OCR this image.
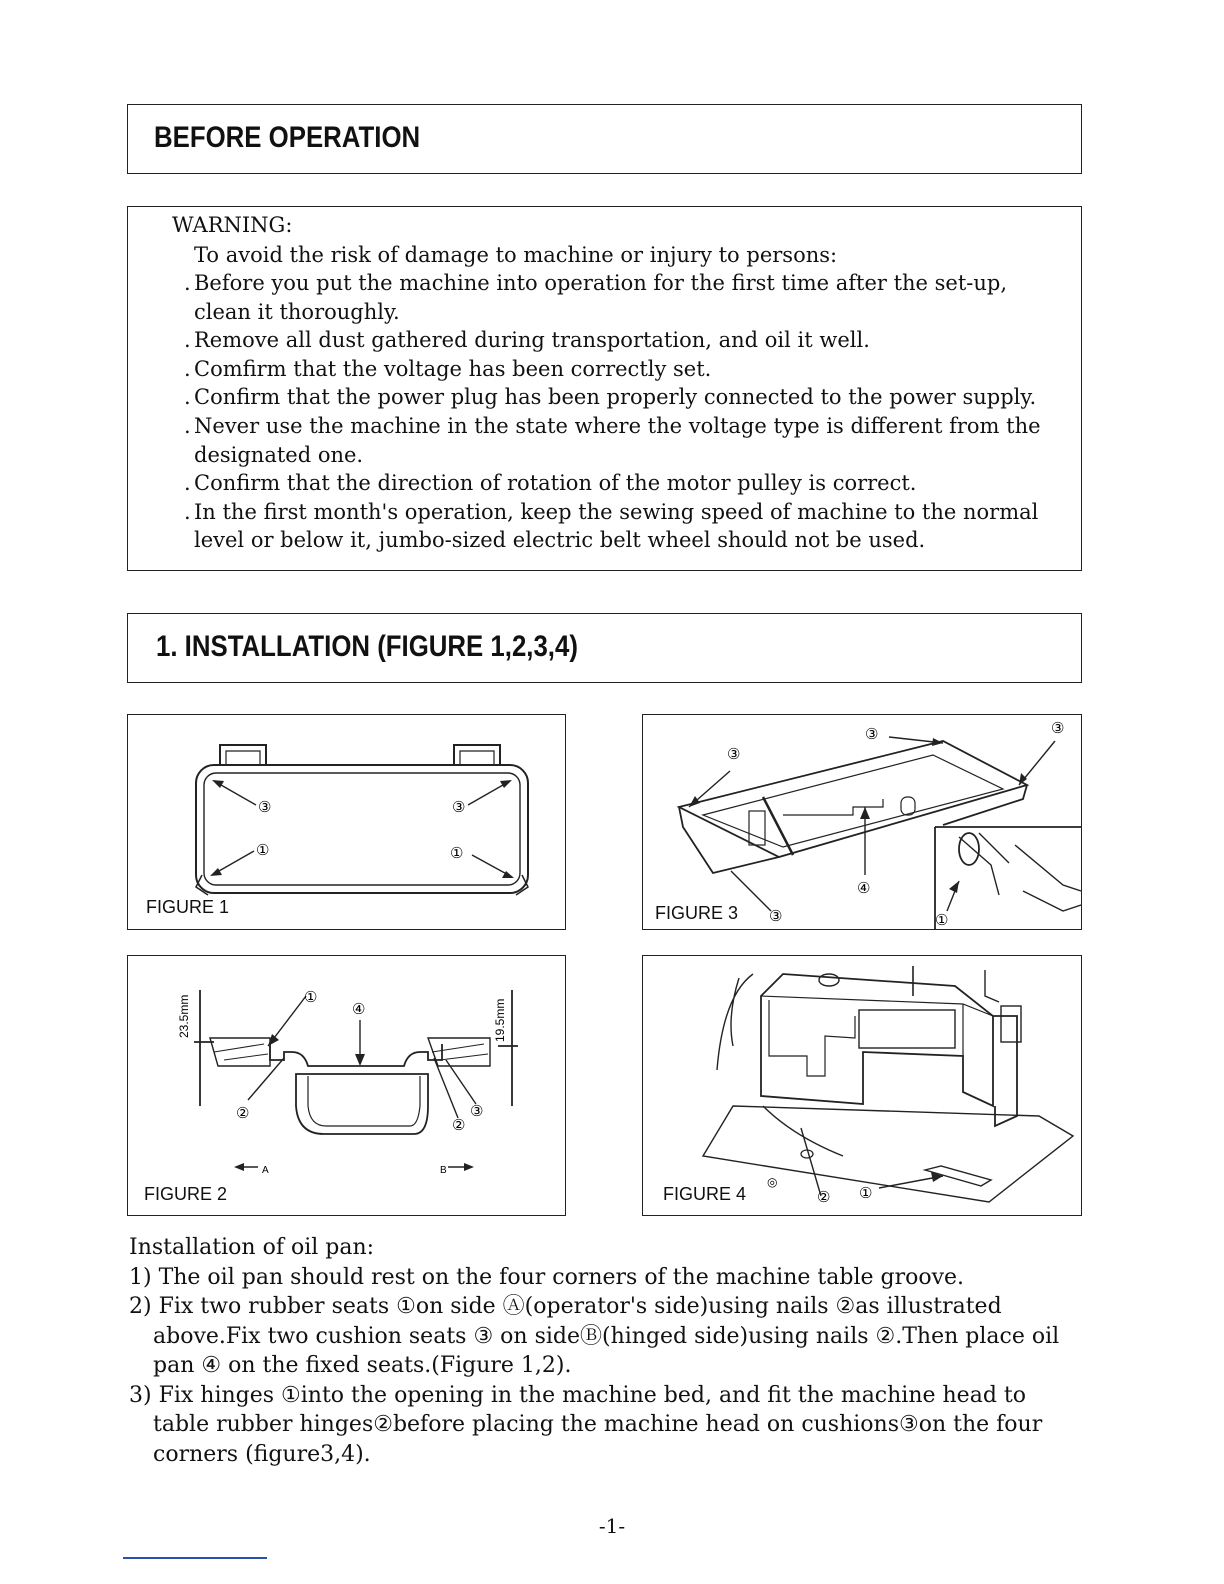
BEFORE OPERATION
WARNING:
To avoid the risk of damage to machine or injury to persons:
. Before you put the machine into operation for the first time after the set-up, clean it thoroughly.
. Remove all dust gathered during transportation, and oil it well.
. Comfirm that the voltage has been correctly set.
. Confirm that the power plug has been properly connected to the power supply.
. Never use the machine in the state where the voltage type is different from the designated one.
. Confirm that the direction of rotation of the motor pulley is correct.
. In the first month's operation, keep the sewing speed of machine to the normal level or below it, jumbo-sized electric belt wheel should not be used.
1. INSTALLATION (FIGURE 1,2,3,4)
③	③
①	①
FIGURE 1
③
③	③
③
④
①
FIGURE 3
23.5mm	19.5mm
①
④
②
②
③
A	B
FIGURE 2
◎
② ①
FIGURE 4

Installation of oil pan:

1) The oil pan should rest on the four corners of the machine table groove.

2) Fix two rubber seats ①on side Ⓐ(operator's side)using nails ②as illustrated above.Fix two cushion seats ③ on sideⒷ(hinged side)using nails ②.Then place oil pan ④ on the fixed seats.(Figure 1,2).

3) Fix hinges ①into the opening in the machine bed, and fit the machine head to table rubber hinges②before placing the machine head on cushions③on the four corners (figure3,4).

-1-
